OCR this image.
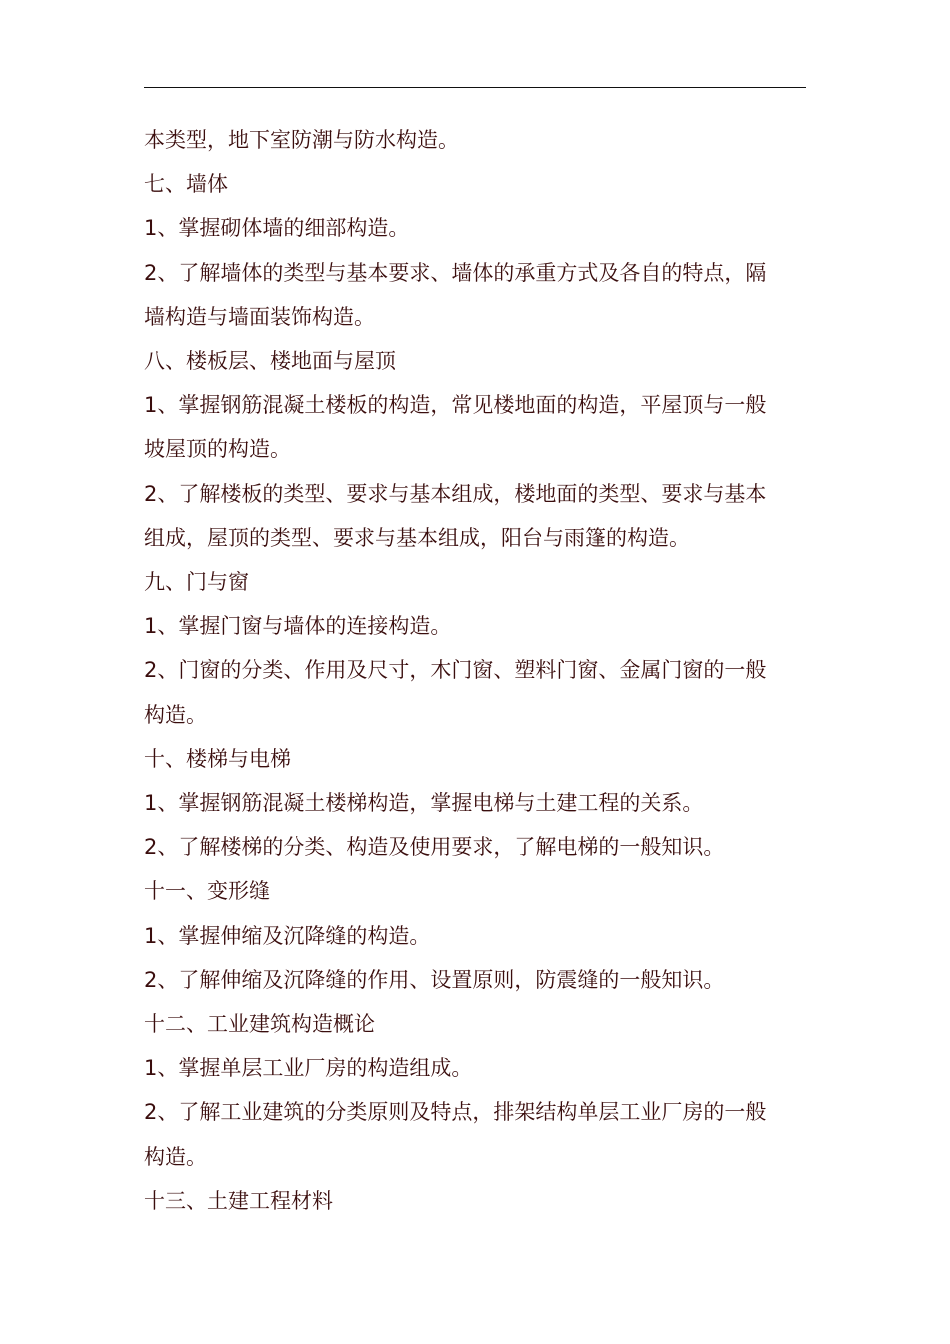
本类型，地下室防潮与防水构造。
七、墙体
1、掌握砌体墙的细部构造。
2、了解墙体的类型与基本要求、墙体的承重方式及各自的特点，隔
墙构造与墙面装饰构造。
八、楼板层、楼地面与屋顶
1、掌握钢筋混凝土楼板的构造，常见楼地面的构造，平屋顶与一般
坡屋顶的构造。
2、了解楼板的类型、要求与基本组成，楼地面的类型、要求与基本
组成，屋顶的类型、要求与基本组成，阳台与雨篷的构造。
九、门与窗
1、掌握门窗与墙体的连接构造。
2、门窗的分类、作用及尺寸，木门窗、塑料门窗、金属门窗的一般
构造。
十、楼梯与电梯
1、掌握钢筋混凝土楼梯构造，掌握电梯与土建工程的关系。
2、了解楼梯的分类、构造及使用要求，了解电梯的一般知识。
十一、变形缝
1、掌握伸缩及沉降缝的构造。
2、了解伸缩及沉降缝的作用、设置原则，防震缝的一般知识。
十二、工业建筑构造概论
1、掌握单层工业厂房的构造组成。
2、了解工业建筑的分类原则及特点，排架结构单层工业厂房的一般
构造。
十三、土建工程材料
